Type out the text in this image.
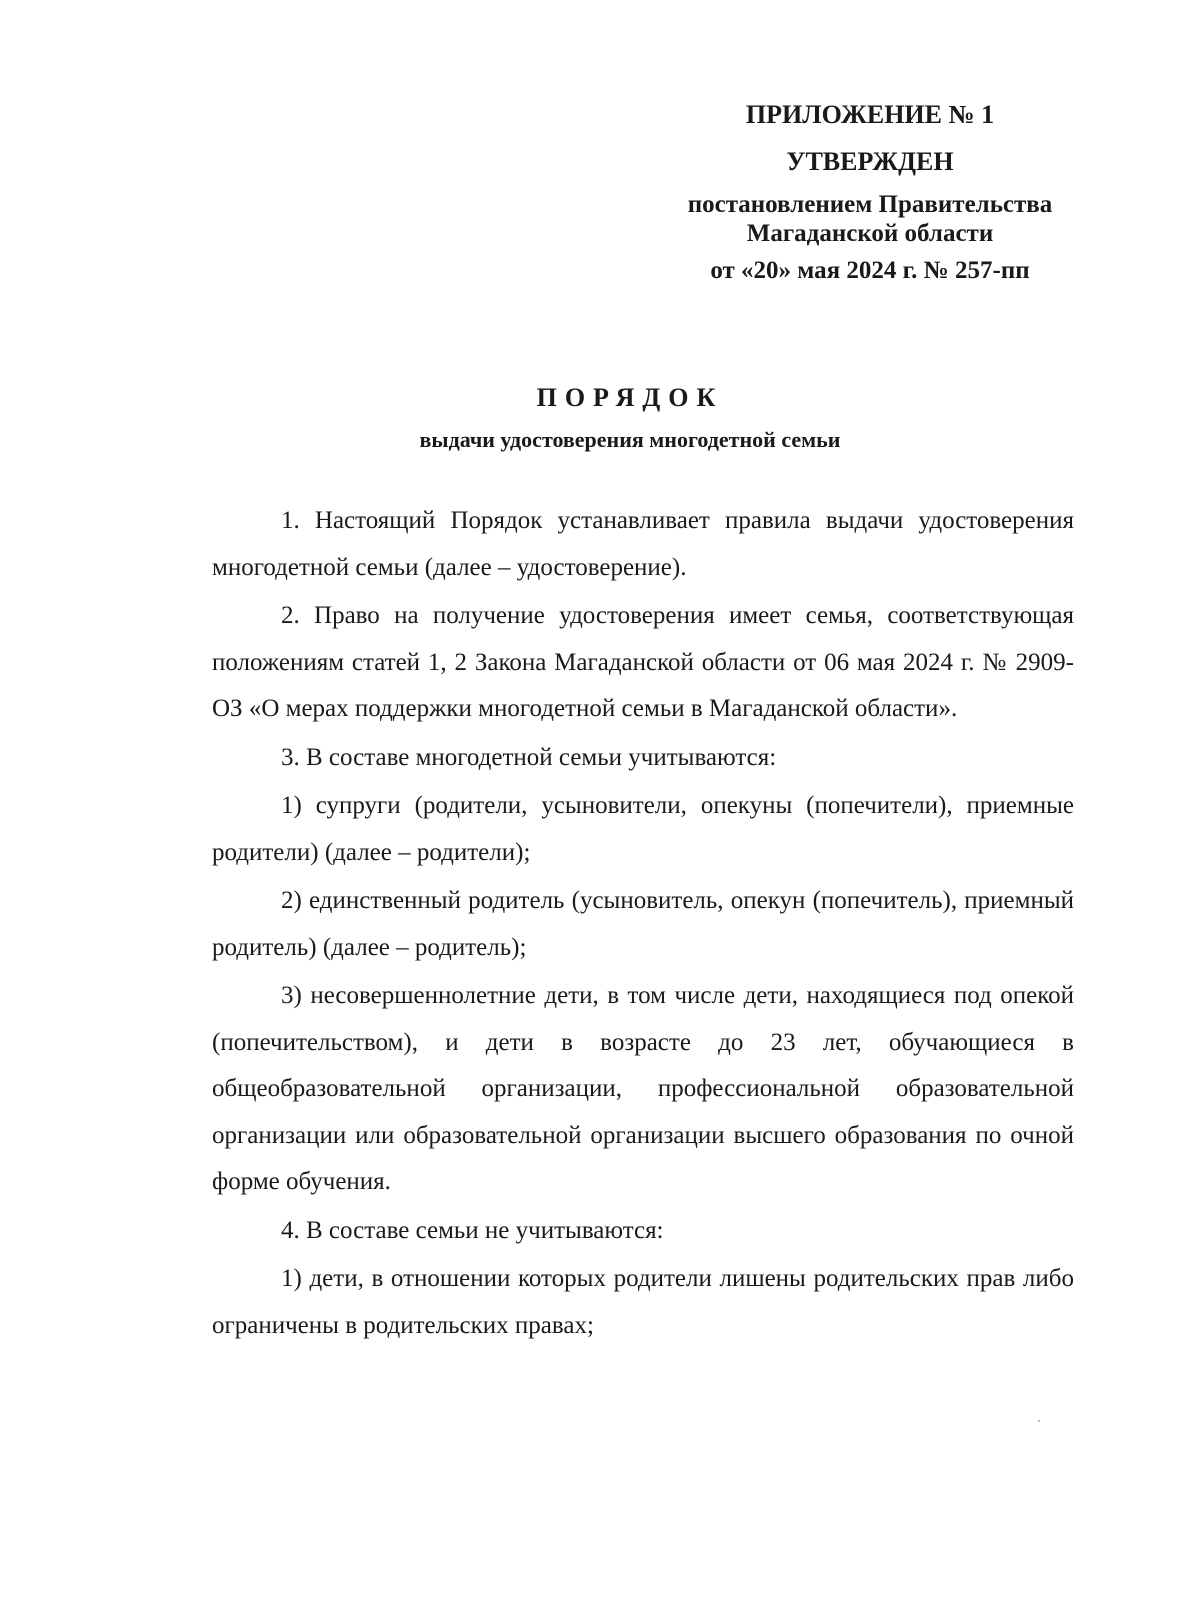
ПРИЛОЖЕНИЕ № 1
УТВЕРЖДЕН
постановлением Правительства
Магаданской области
от «20» мая 2024 г. № 257-пп
ПОРЯДОК
выдачи удостоверения многодетной семьи

1. Настоящий Порядок устанавливает правила выдачи удостоверения многодетной семьи (далее – удостоверение).

2. Право на получение удостоверения имеет семья, соответствующая положениям статей 1, 2 Закона Магаданской области от 06 мая 2024 г. № 2909-ОЗ «О мерах поддержки многодетной семьи в Магаданской области».

3. В составе многодетной семьи учитываются:

1) супруги (родители, усыновители, опекуны (попечители), приемные родители) (далее – родители);

2) единственный родитель (усыновитель, опекун (попечитель), приемный родитель) (далее – родитель);

3) несовершеннолетние дети, в том числе дети, находящиеся под опекой (попечительством), и дети в возрасте до 23 лет, обучающиеся в общеобразовательной организации, профессиональной образовательной организации или образовательной организации высшего образования по очной форме обучения.

4. В составе семьи не учитываются:

1) дети, в отношении которых родители лишены родительских прав либо ограничены в родительских правах;
